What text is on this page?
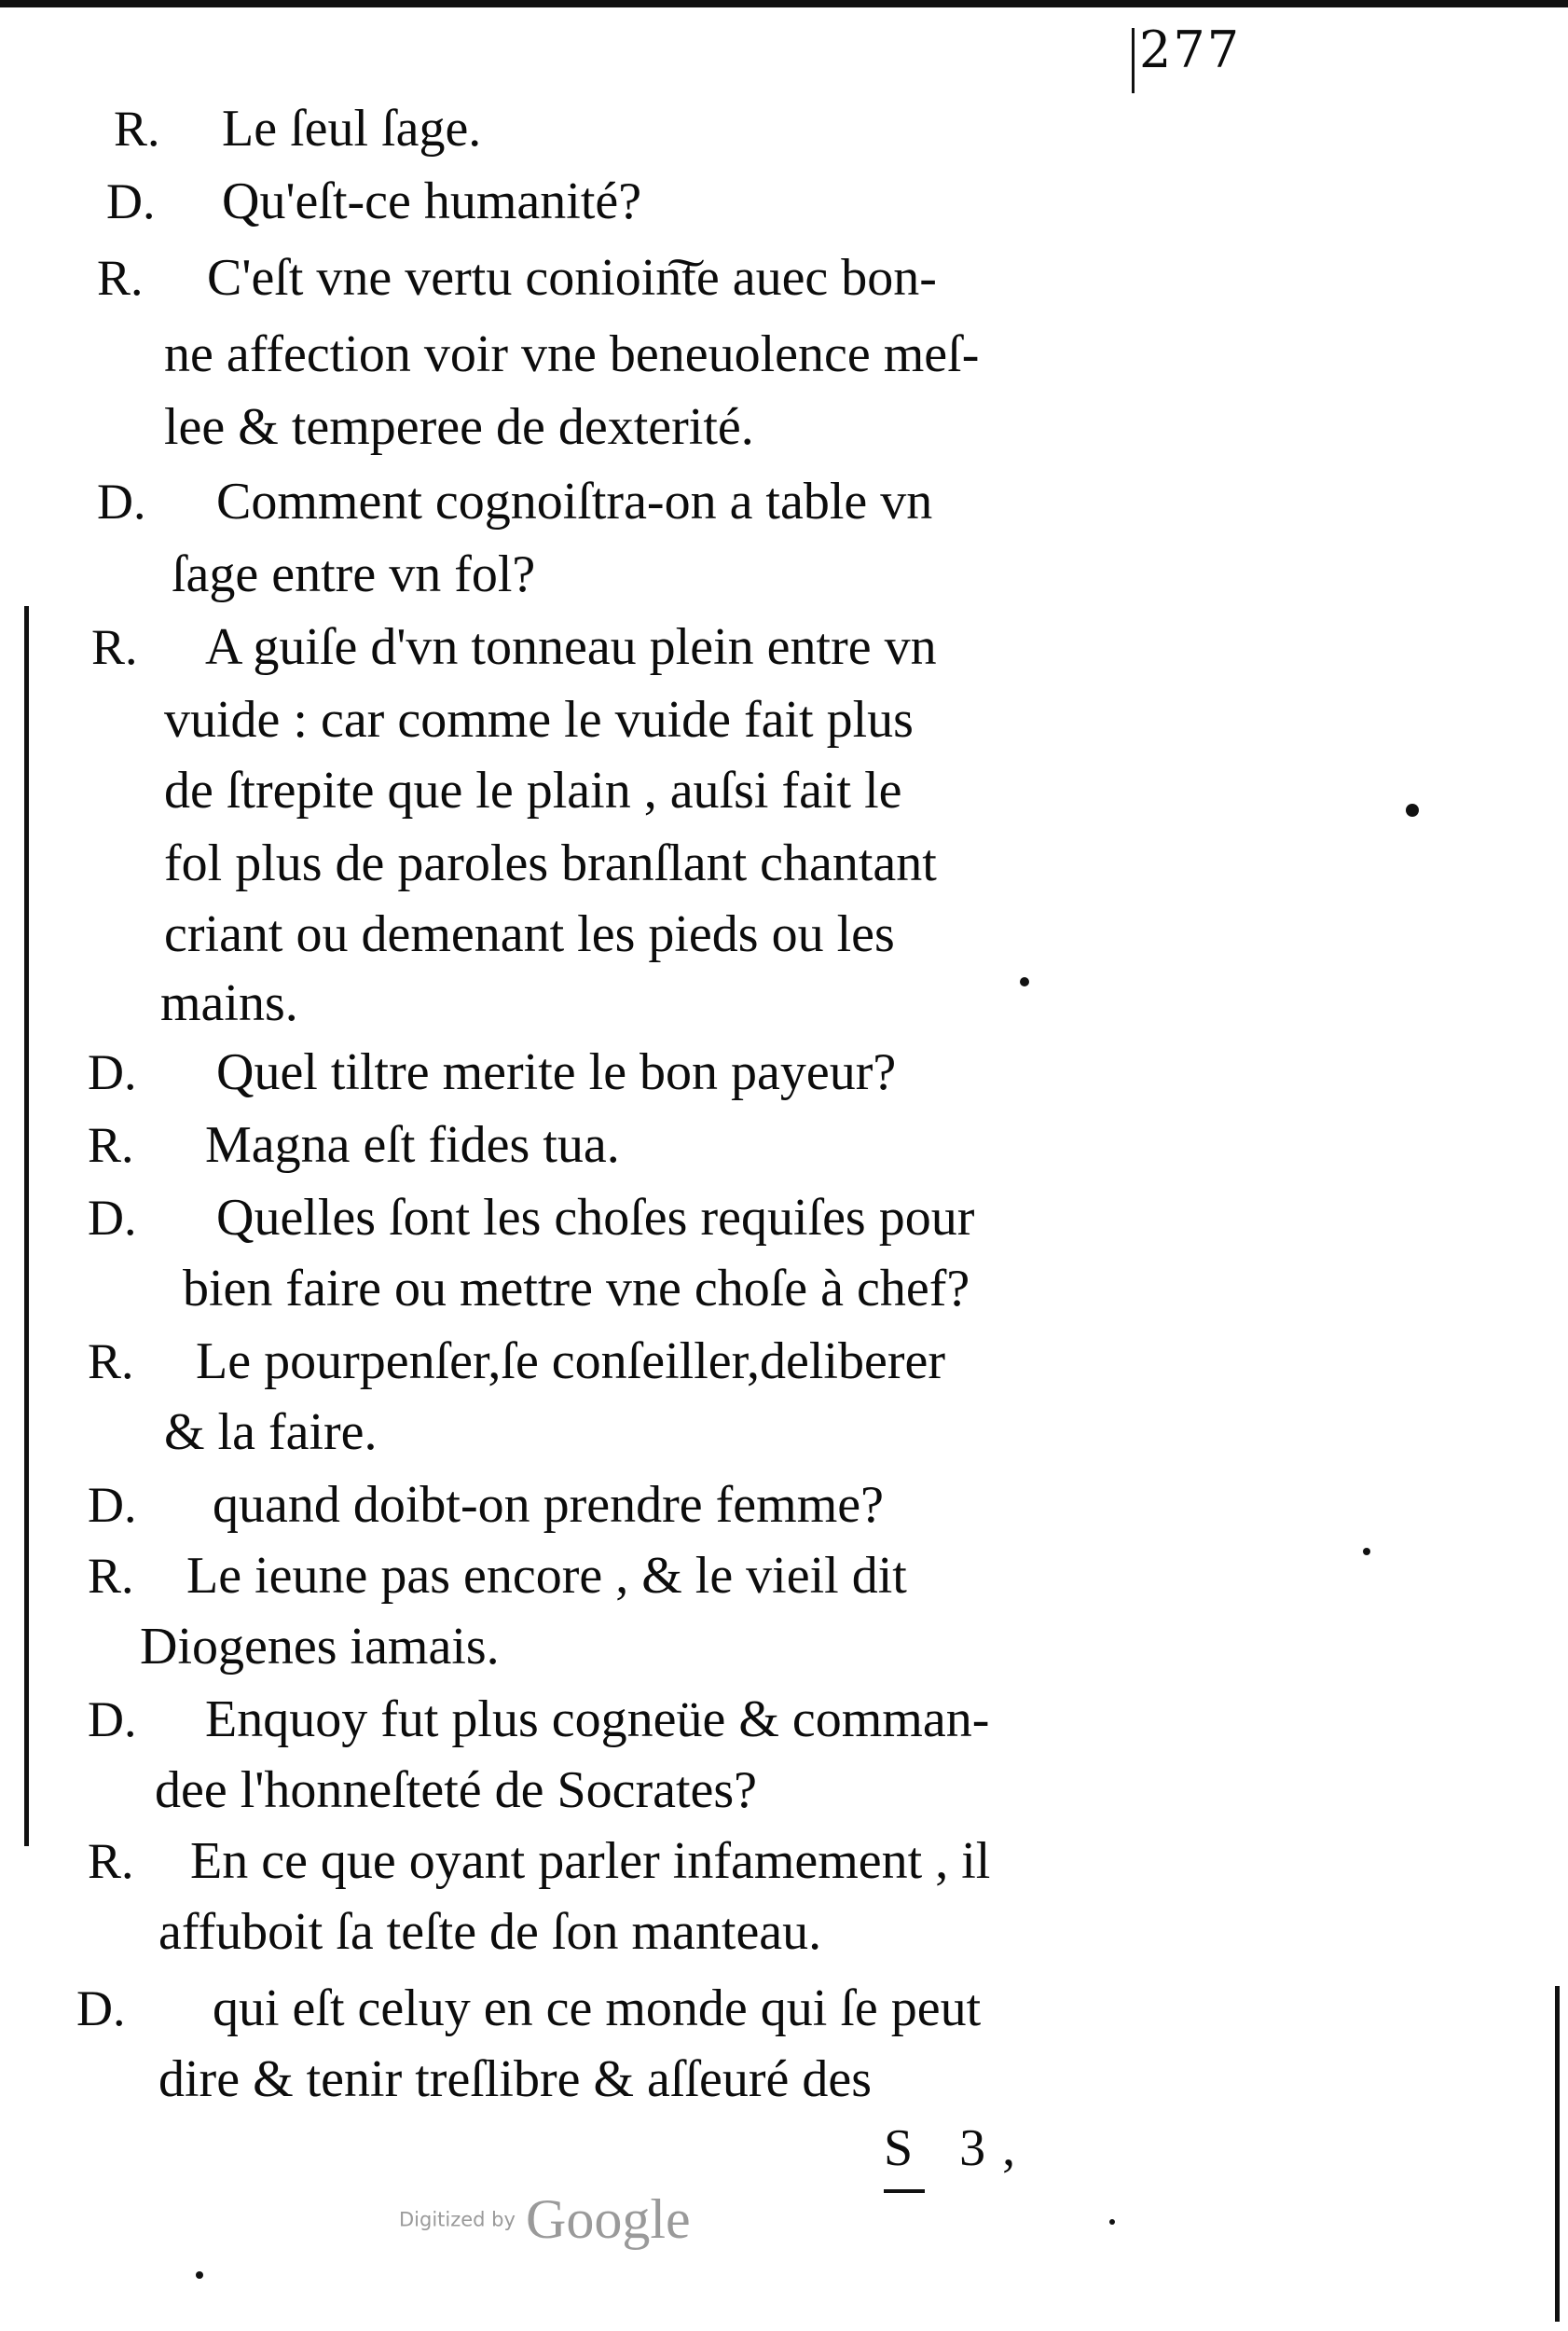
277
R. Le ſeul ſage.
D. Qu'eſt-ce humanité?
R. C'eſt vne vertu conioin͠te auec bon-
ne affection voir vne beneuolence meſ-
lee & temperee de dexterité.
D. Comment cognoiſtra-on a table vn
ſage entre vn fol?
R. A guiſe d'vn tonneau plein entre vn
vuide : car comme le vuide fait plus
de ſtrepite que le plain , auſsi fait le
fol plus de paroles branſlant chantant
criant ou demenant les pieds ou les
mains.
D. Quel tiltre merite le bon payeur?
R. Magna eſt fides tua.
D. Quelles ſont les choſes requiſes pour
bien faire ou mettre vne choſe à chef?
R. Le pourpenſer,ſe conſeiller,deliberer
& la faire.
D. quand doibt-on prendre femme?
R. Le ieune pas encore , & le vieil dit
Diogenes iamais.
D. Enquoy fut plus cogneüe & comman-
dee l'honneſteté de Socrates?
R. En ce que oyant parler infamement , il
affuboit ſa teſte de ſon manteau.
D. qui eſt celuy en ce monde qui ſe peut
dire & tenir treſlibre & aſſeuré des
S 3,
Digitized by Google
